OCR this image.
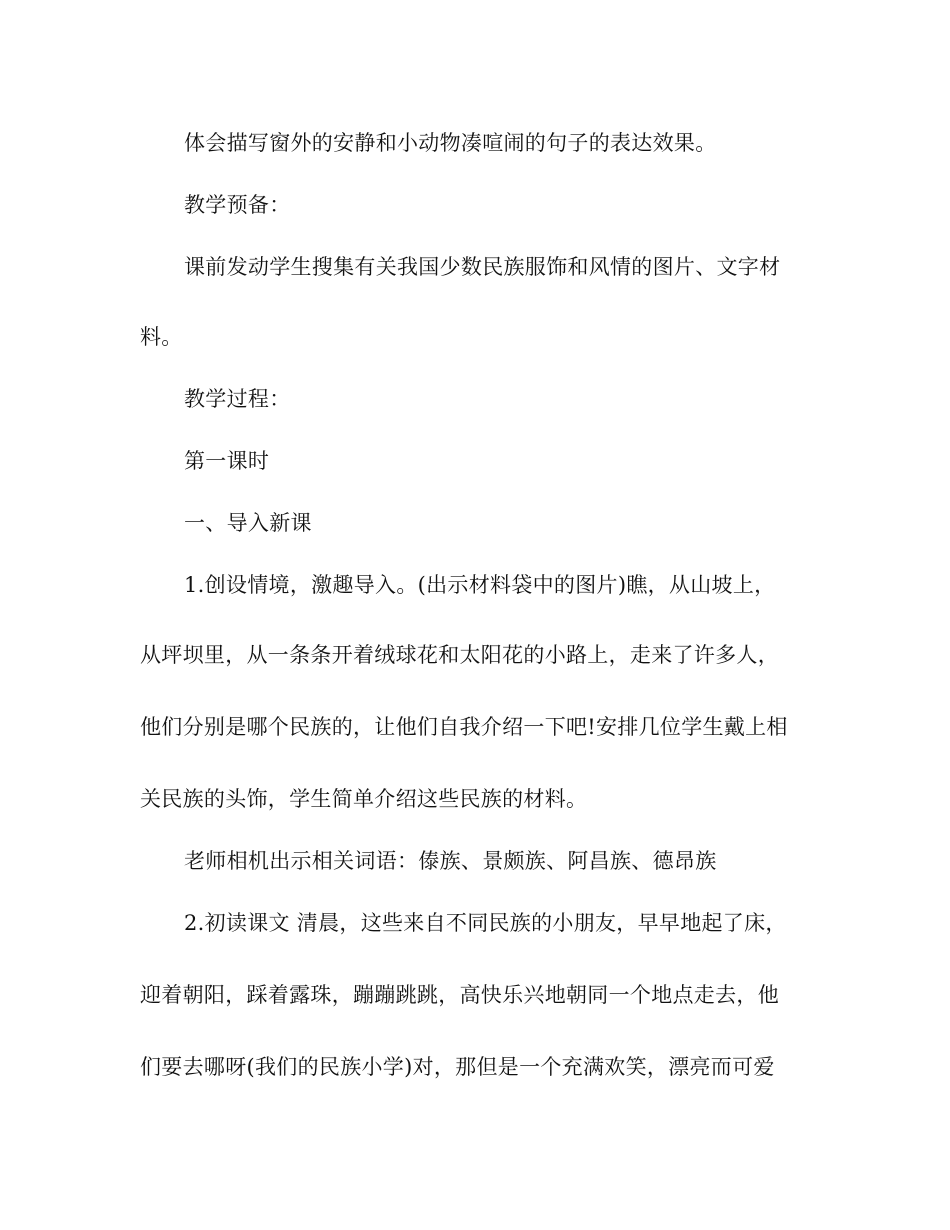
体会描写窗外的安静和小动物凑喧闹的句子的表达效果。
教学预备：
课前发动学生搜集有关我国少数民族服饰和风情的图片、文字材
料。
教学过程：
第一课时
一、导入新课
1.创设情境，激趣导入。(出示材料袋中的图片)瞧，从山坡上，
从坪坝里，从一条条开着绒球花和太阳花的小路上，走来了许多人，
他们分别是哪个民族的，让他们自我介绍一下吧!安排几位学生戴上相
关民族的头饰，学生简单介绍这些民族的材料。
老师相机出示相关词语：傣族、景颇族、阿昌族、德昂族
2.初读课文 清晨，这些来自不同民族的小朋友，早早地起了床，
迎着朝阳，踩着露珠，蹦蹦跳跳，高快乐兴地朝同一个地点走去，他
们要去哪呀(我们的民族小学)对，那但是一个充满欢笑，漂亮而可爱
